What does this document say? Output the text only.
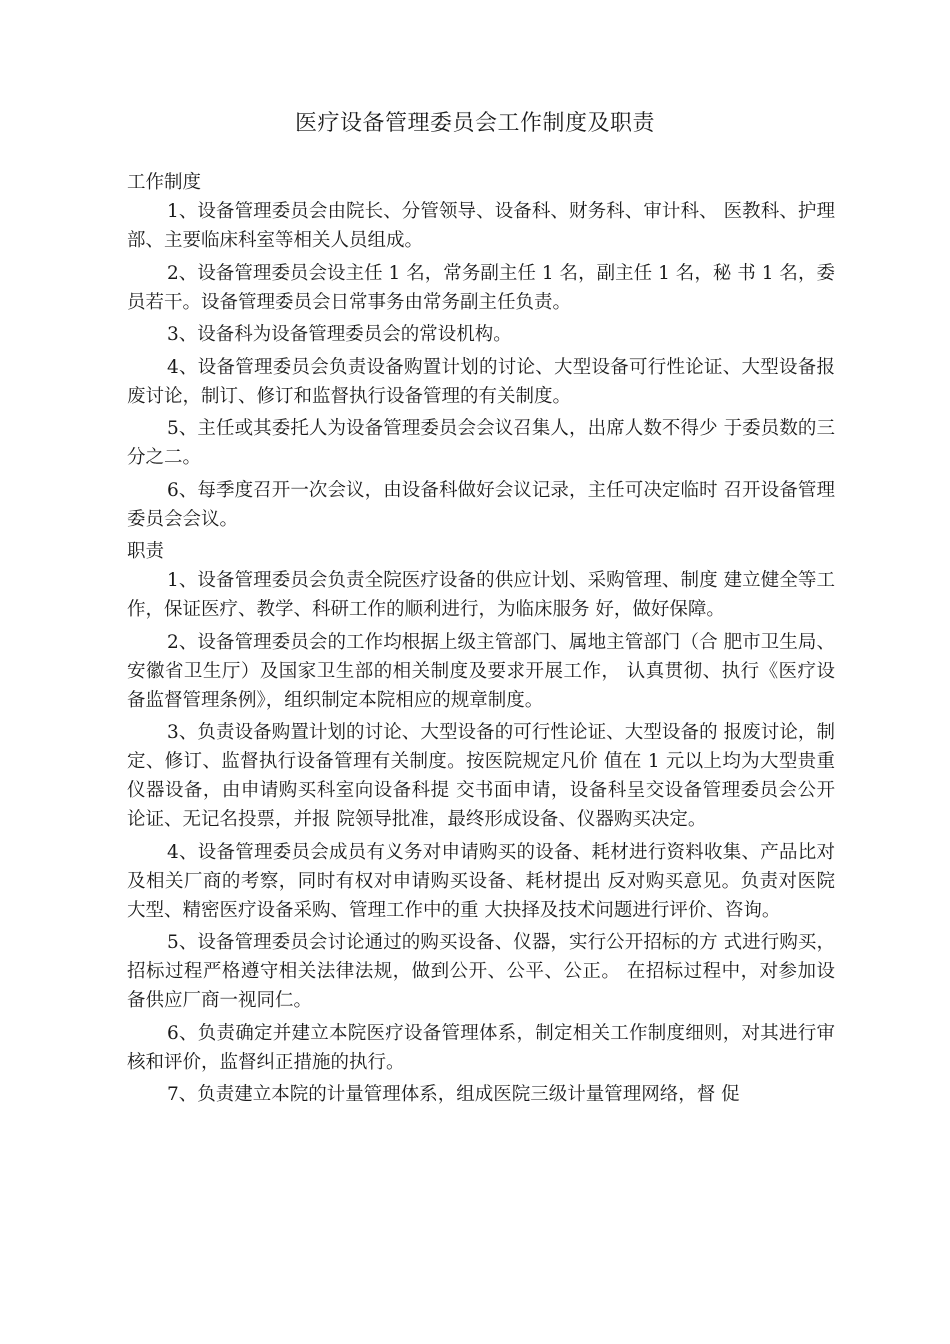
医疗设备管理委员会工作制度及职责

工作制度

1、设备管理委员会由院长、分管领导、设备科、财务科、审计科、 医教科、护理部、主要临床科室等相关人员组成。

2、设备管理委员会设主任 1 名，常务副主任 1 名，副主任 1 名，秘 书 1 名，委员若干。设备管理委员会日常事务由常务副主任负责。

3、设备科为设备管理委员会的常设机构。

4、设备管理委员会负责设备购置计划的讨论、大型设备可行性论证、大型设备报废讨论，制订、修订和监督执行设备管理的有关制度。

5、主任或其委托人为设备管理委员会会议召集人，出席人数不得少 于委员数的三分之二。

6、每季度召开一次会议，由设备科做好会议记录，主任可决定临时 召开设备管理委员会会议。

职责

1、设备管理委员会负责全院医疗设备的供应计划、采购管理、制度 建立健全等工作，保证医疗、教学、科研工作的顺利进行，为临床服务 好，做好保障。

2、设备管理委员会的工作均根据上级主管部门、属地主管部门（合 肥市卫生局、安徽省卫生厅）及国家卫生部的相关制度及要求开展工作， 认真贯彻、执行《医疗设备监督管理条例》，组织制定本院相应的规章制度。

3、负责设备购置计划的讨论、大型设备的可行性论证、大型设备的 报废讨论，制定、修订、监督执行设备管理有关制度。按医院规定凡价 值在 1 元以上均为大型贵重仪器设备，由申请购买科室向设备科提 交书面申请，设备科呈交设备管理委员会公开论证、无记名投票，并报 院领导批准，最终形成设备、仪器购买决定。

4、设备管理委员会成员有义务对申请购买的设备、耗材进行资料收集、产品比对及相关厂商的考察，同时有权对申请购买设备、耗材提出 反对购买意见。负责对医院大型、精密医疗设备采购、管理工作中的重 大抉择及技术问题进行评价、咨询。

5、设备管理委员会讨论通过的购买设备、仪器，实行公开招标的方 式进行购买，招标过程严格遵守相关法律法规，做到公开、公平、公正。 在招标过程中，对参加设备供应厂商一视同仁。

6、负责确定并建立本院医疗设备管理体系，制定相关工作制度细则，对其进行审核和评价，监督纠正措施的执行。

7、负责建立本院的计量管理体系，组成医院三级计量管理网络，督 促
